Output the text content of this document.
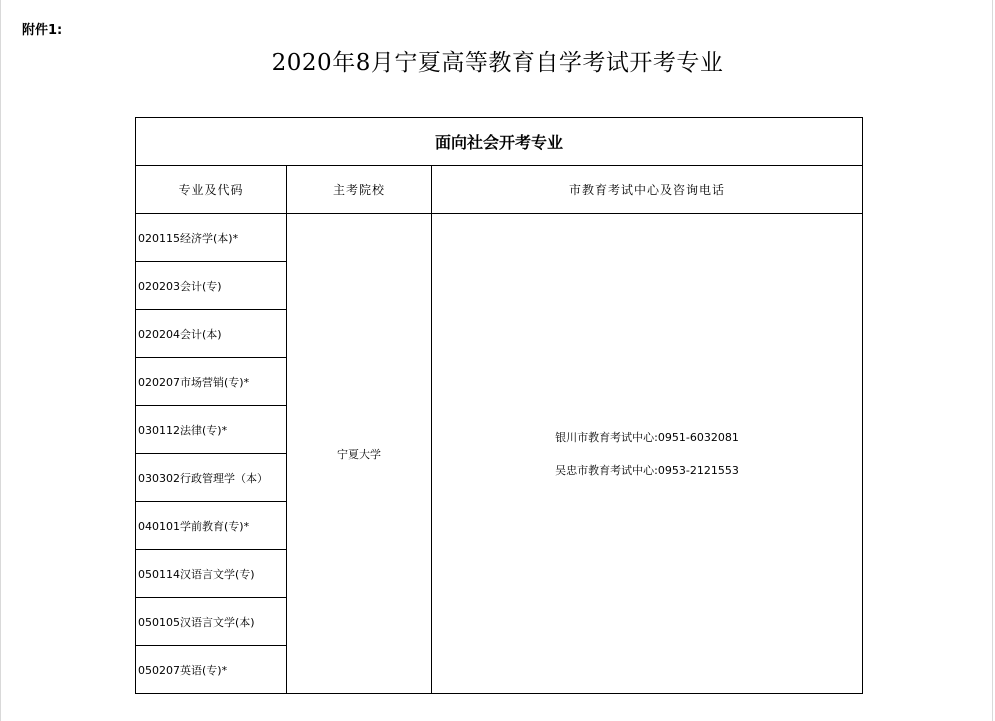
附件1:
2020年8月宁夏高等教育自学考试开考专业
面向社会开考专业		
专业及代码	主考院校	市教育考试中心及咨询电话
020115经济学(本)*	宁夏大学	银川市教育考试中心:0951-6032081
吴忠市教育考试中心:0953-2121553

020203会计(专)		
020204会计(本)		
020207市场营销(专)*		
030112法律(专)*		
030302行政管理学（本）		
040101学前教育(专)*		
050114汉语言文学(专)		
050105汉语言文学(本)		
050207英语(专)*		
